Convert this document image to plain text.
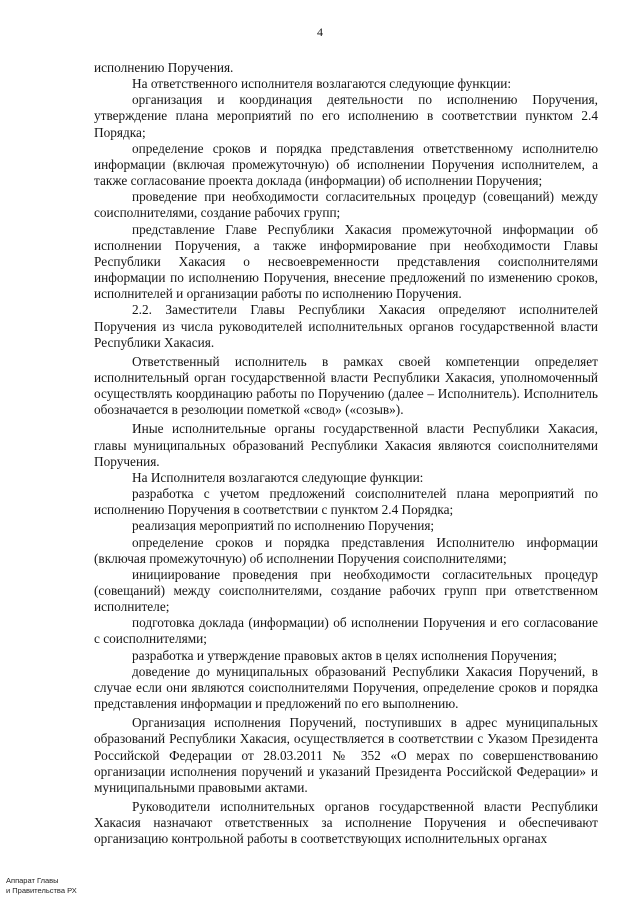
4

исполнению Поручения.

На ответственного исполнителя возлагаются следующие функции:

организация и координация деятельности по исполнению Поручения, утверждение плана мероприятий по его исполнению в соответствии пунктом 2.4 Порядка;

определение сроков и порядка представления ответственному исполнителю информации (включая промежуточную) об исполнении Поручения исполнителем, а также согласование проекта доклада (информации) об исполнении Поручения;

проведение при необходимости согласительных процедур (совещаний) между соисполнителями, создание рабочих групп;

представление Главе Республики Хакасия промежуточной информации об исполнении Поручения, а также информирование при необходимости Главы Республики Хакасия о несвоевременности представления соисполнителями информации по исполнению Поручения, внесение предложений по изменению сроков, исполнителей и организации работы по исполнению Поручения.

2.2. Заместители Главы Республики Хакасия определяют исполнителей Поручения из числа руководителей исполнительных органов государственной власти Республики Хакасия.

Ответственный исполнитель в рамках своей компетенции определяет исполнительный орган государственной власти Республики Хакасия, уполномоченный осуществлять координацию работы по Поручению (далее – Исполнитель). Исполнитель обозначается в резолюции пометкой «свод» («созыв»).

Иные исполнительные органы государственной власти Республики Хакасия, главы муниципальных образований Республики Хакасия являются соисполнителями Поручения.

На Исполнителя возлагаются следующие функции:

разработка с учетом предложений соисполнителей плана мероприятий по исполнению Поручения в соответствии с пунктом 2.4 Порядка;

реализация мероприятий по исполнению Поручения;

определение сроков и порядка представления Исполнителю информации (включая промежуточную) об исполнении Поручения соисполнителями;

инициирование проведения при необходимости согласительных процедур (совещаний) между соисполнителями, создание рабочих групп при ответственном исполнителе;

подготовка доклада (информации) об исполнении Поручения и его согласование с соисполнителями;

разработка и утверждение правовых актов в целях исполнения Поручения;

доведение до муниципальных образований Республики Хакасия Поручений, в случае если они являются соисполнителями Поручения, определение сроков и порядка представления информации и предложений по его выполнению.

Организация исполнения Поручений, поступивших в адрес муниципальных образований Республики Хакасия, осуществляется в соответствии с Указом Президента Российской Федерации от 28.03.2011 № 352 «О мерах по совершенствованию организации исполнения поручений и указаний Президента Российской Федерации» и муниципальными правовыми актами.

Руководители исполнительных органов государственной власти Республики Хакасия назначают ответственных за исполнение Поручения и обеспечивают организацию контрольной работы в соответствующих исполнительных органах

Аппарат Главы
и Правительства РХ
